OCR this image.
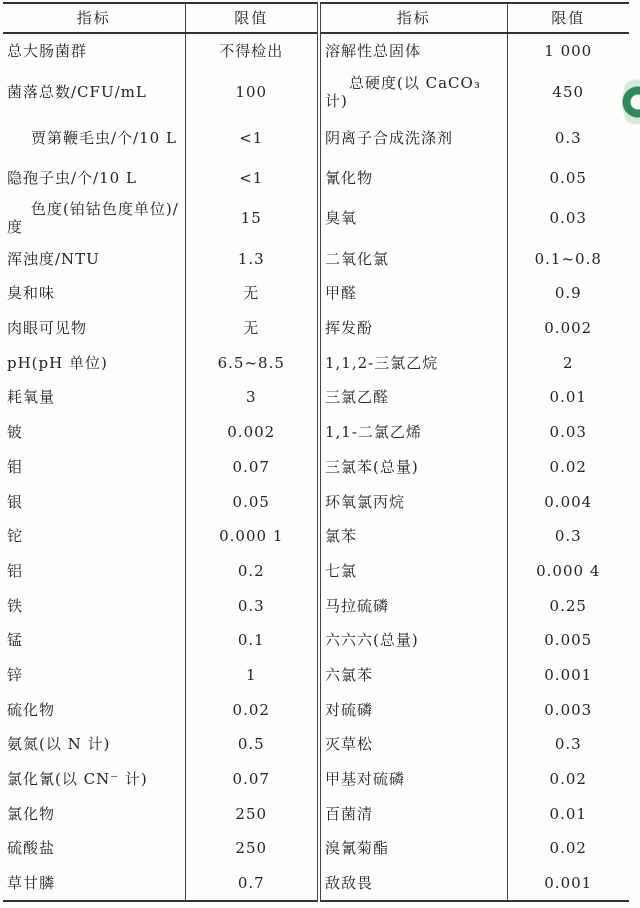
指标	限值	指标	限值
总大肠菌群	不得检出	溶解性总固体	1 000
菌落总数/CFU/mL	100	总硬度(以 CaCO₃计)	450
贾第鞭毛虫/个/10 L	<1	阴离子合成洗涤剂	0.3
隐孢子虫/个/10 L	<1	氰化物	0.05
色度(铂钴色度单位)/度	15	臭氧	0.03
浑浊度/NTU	1.3	二氧化氯	0.1~0.8
臭和味	无	甲醛	0.9
肉眼可见物	无	挥发酚	0.002
pH(pH 单位)	6.5~8.5	1,1,2-三氯乙烷	2
耗氧量	3	三氯乙醛	0.01
铍	0.002	1,1-二氯乙烯	0.03
钼	0.07	三氯苯(总量)	0.02
银	0.05	环氧氯丙烷	0.004
铊	0.000 1	氯苯	0.3
铝	0.2	七氯	0.000 4
铁	0.3	马拉硫磷	0.25
锰	0.1	六六六(总量)	0.005
锌	1	六氯苯	0.001
硫化物	0.02	对硫磷	0.003
氨氮(以 N 计)	0.5	灭草松	0.3
氯化氰(以 CN⁻ 计)	0.07	甲基对硫磷	0.02
氯化物	250	百菌清	0.01
硫酸盐	250	溴氰菊酯	0.02
草甘膦	0.7	敌敌畏	0.001
